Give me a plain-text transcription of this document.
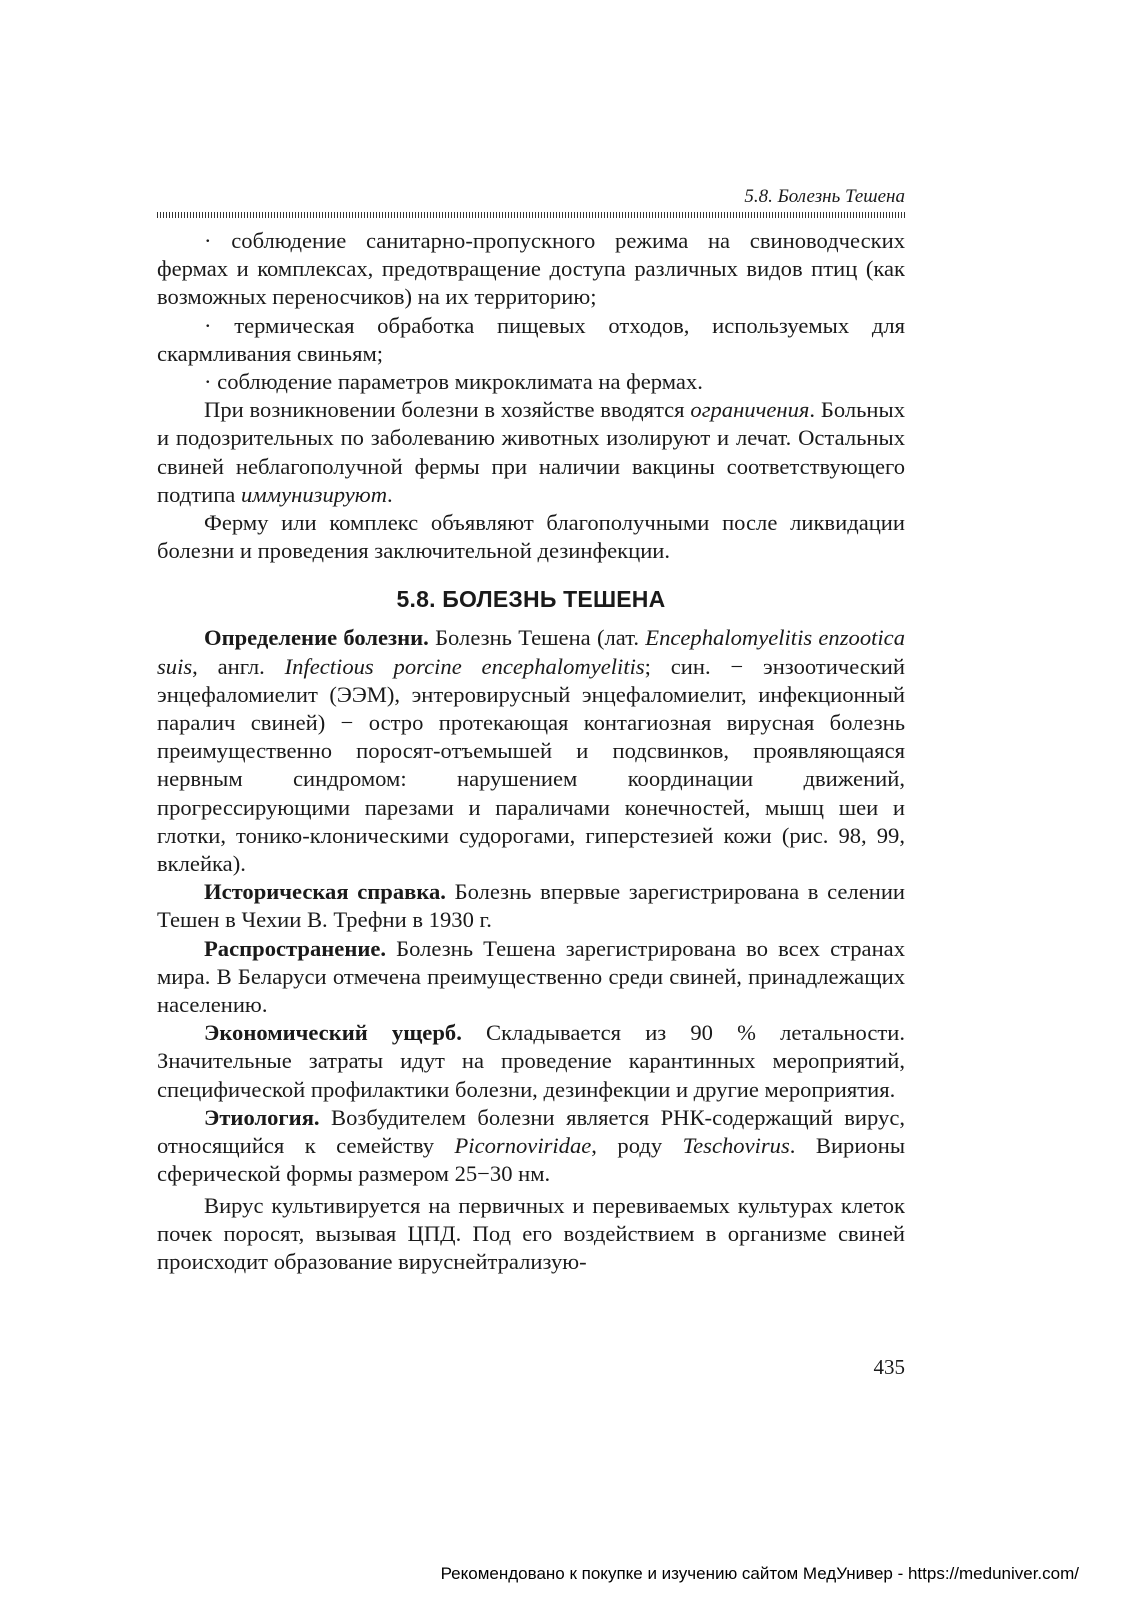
5.8. Болезнь Тешена

· соблюдение санитарно-пропускного режима на свиноводческих фермах и комплексах, предотвращение доступа различных видов птиц (как возможных переносчиков) на их территорию;

· термическая обработка пищевых отходов, используемых для скармливания свиньям;

· соблюдение параметров микроклимата на фермах.

При возникновении болезни в хозяйстве вводятся ограничения. Больных и подозрительных по заболеванию животных изолируют и лечат. Остальных свиней неблагополучной фермы при наличии вакцины соответствующего подтипа иммунизируют.

Ферму или комплекс объявляют благополучными после ликвидации болезни и проведения заключительной дезинфекции.

5.8. БОЛЕЗНЬ ТЕШЕНА

Определение болезни. Болезнь Тешена (лат. Encephalomyelitis enzootica suis, англ. Infectious porcine encephalomyelitis; син. − энзоотический энцефаломиелит (ЭЭМ), энтеровирусный энцефаломиелит, инфекционный паралич свиней) − остро протекающая контагиозная вирусная болезнь преимущественно поросят-отъемышей и подсвинков, проявляющаяся нервным синдромом: нарушением координации движений, прогрессирующими парезами и параличами конечностей, мышц шеи и глотки, тонико-клоническими судорогами, гиперстезией кожи (рис. 98, 99, вклейка).

Историческая справка. Болезнь впервые зарегистрирована в селении Тешен в Чехии В. Трефни в 1930 г.

Распространение. Болезнь Тешена зарегистрирована во всех странах мира. В Беларуси отмечена преимущественно среди свиней, принадлежащих населению.

Экономический ущерб. Складывается из 90 % летальности. Значительные затраты идут на проведение карантинных мероприятий, специфической профилактики болезни, дезинфекции и другие мероприятия.

Этиология. Возбудителем болезни является РНК-содержащий вирус, относящийся к семейству Picornoviridae, роду Teschovirus. Вирионы сферической формы размером 25−30 нм.

Вирус культивируется на первичных и перевиваемых культурах клеток почек поросят, вызывая ЦПД. Под его воздействием в организме свиней происходит образование вируснейтрализую-

435
Рекомендовано к покупке и изучению сайтом МедУнивер - https://meduniver.com/
